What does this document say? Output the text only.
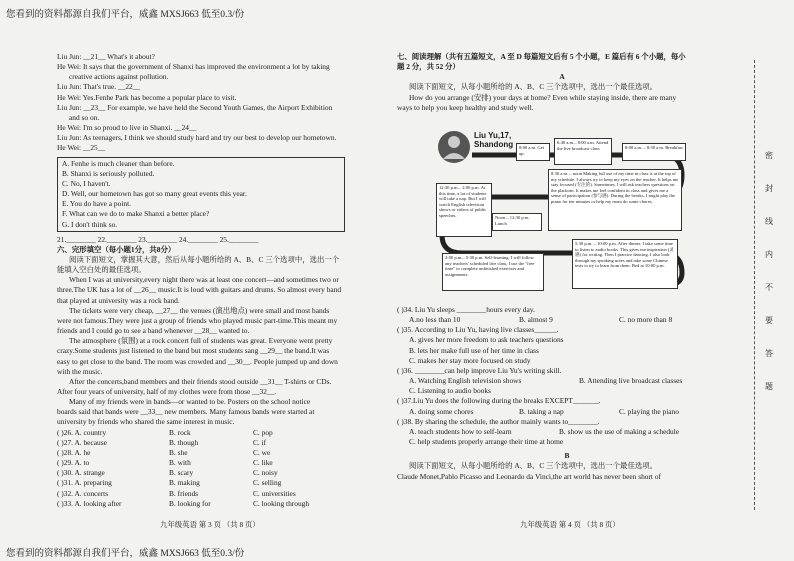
您看到的资料都源自我们平台，威鑫 MXSJ663 低至0.3/份
您看到的资料都源自我们平台，威鑫 MXSJ663 低至0.3/份
Liu Jun: __21__ What's it about?
He Wei: It says that the government of Shanxi has improved the environment a lot by taking
creative actions against pollution.
Liu Jun: That's true. __22__
He Wei: Yes.Fenhe Park has become a popular place to visit.
Liu Jun: __23__ For example, we have held the Second Youth Games, the Airport Exhibition
and so on.
He Wei: I'm so proud to live in Shanxi. __24__
Liu Jun: As teenagers, I think we should study hard and try our best to develop our hometown.
He Wei: __25__
A. Fenhe is much cleaner than before.
B. Shanxi is seriously polluted.
C. No, I haven't.
D. Well, our hometown has got so many great events this year.
E. You do have a point.
F. What can we do to make Shanxi a better place?
G. I don't think so.
21.________ 22.________ 23.________ 24.________ 25.________
六、完形填空（每小题1分，共8分）
阅读下面短文，掌握其大意，然后从每小题所给的 A、B、C 三个选项中，选出一个
能填入空白处的最佳选项。
When I was at university,every night there was at least one concert—and sometimes two or
three.The UK has a lot of __26__ music.It is loud with guitars and drums. So almost every band
that played at university was a rock band.
The tickets were very cheap, __27__ the venues (演出地点) were small and most bands
were not famous.They were just a group of friends who played music part-time.This meant my
friends and I could go to see a band whenever __28__ wanted to.
The atmosphere (氛围) at a rock concert full of students was great. Everyone went pretty
crazy.Some students just listened to the band but most students sang __29__ the band.It was
easy to get close to the band. The room was crowded and __30__. People jumped up and down
with the music.
After the concerts,band members and their friends stood outside __31__ T-shirts or CDs.
After four years of university, half of my clothes were from those __32__.
Many of my friends were in bands—or wanted to be. Posters on the school notice
boards said that bands were __33__ new members. Many famous bands were started at
university by friends who shared the same interest in music.
( )26. A. country	B. rock	C. pop
( )27. A. because	B. though	C. if
( )28. A. he	B. she	C. we
( )29. A. to	B. with	C. like
( )30. A. strange	B. scary	C. noisy
( )31. A. preparing	B. making	C. selling
( )32. A. concerts	B. friends	C. universities
( )33. A. looking after	B. looking for	C. looking through
九年级英语 第 3 页 （共 8 页）
七、阅读理解（共有五篇短文，A 至 D 每篇短文后有 5 个小题，E 篇后有 6 个小题，每小
题 2 分，共 52 分）
A
阅读下面短文，从每小题所给的 A、B、C 三个选项中，选出一个最佳选项。
How do you arrange (安排) your days at home? Even while staying inside, there are many
ways to help you keep healthy and study well.
Liu Yu,17, Shandong	6:40 a.m.– 8:00 a.m. Attend the live broadcast class
8:00 a.m. Get up
8:00 a.m. – 8:30 a.m. Breakfast
8:30 a.m. – noon Making full use of my time in class is at the top of my schedule. I always try to keep my eyes on the teacher. It helps me stay focused (专注的). Sometimes, I will ask teachers questions on the platform. It makes me feel confident in class and gives me a sense of participation (参与感). During the breaks, I might play the piano for ten minutes or help my mom do some chores.
12:30 p.m.– 2:00 p.m. At this time, a lot of students will take a nap. But I will watch English television shows or videos of public speeches.	Noon – 12:30 p.m. Lunch
2:00 p.m.– 5:30 p.m. Self-learning. I will follow any teachers' scheduled live class, I use the "free time" to complete unfinished exercises and assignments.
5:30 p.m. – 10:00 p.m. After dinner, I take some time to listen to audio books. This gives me inspiration (灵感) for writing. Then I practice dancing. I also look through my speaking notes and take some Chinese tests to try to learn from them. Bed at 10:00 p.m.
( )34. Liu Yu sleeps ________hours every day.
A.no less than 10	B. almost 9	C. no more than 8
( )35. According to Liu Yu, having live classes______.
A. gives her more freedom to ask teachers questions
B. lets her make full use of her time in class
C. makes her stay more focused on study
( )36. ________can help improve Liu Yu's writing skill.
A. Watching English television shows	B. Attending live broadcast classes
C. Listening to audio books
( )37.Liu Yu does the following during the breaks EXCEPT_______.
A. doing some chores	B. taking a nap	C. playing the piano
( )38. By sharing the schedule, the author mainly wants to________.
A. teach students how to self-learn	B. show us the use of making a schedule
C. help students properly arrange their time at home
B
阅读下面短文，从每小题所给的 A、B、C 三个选项中，选出一个最佳选项。
Claude Monet,Pablo Picasso and Leonardo da Vinci,the art world has never been short of
九年级英语 第 4 页 （共 8 页）
密
封
线
内
不
要
答
题
